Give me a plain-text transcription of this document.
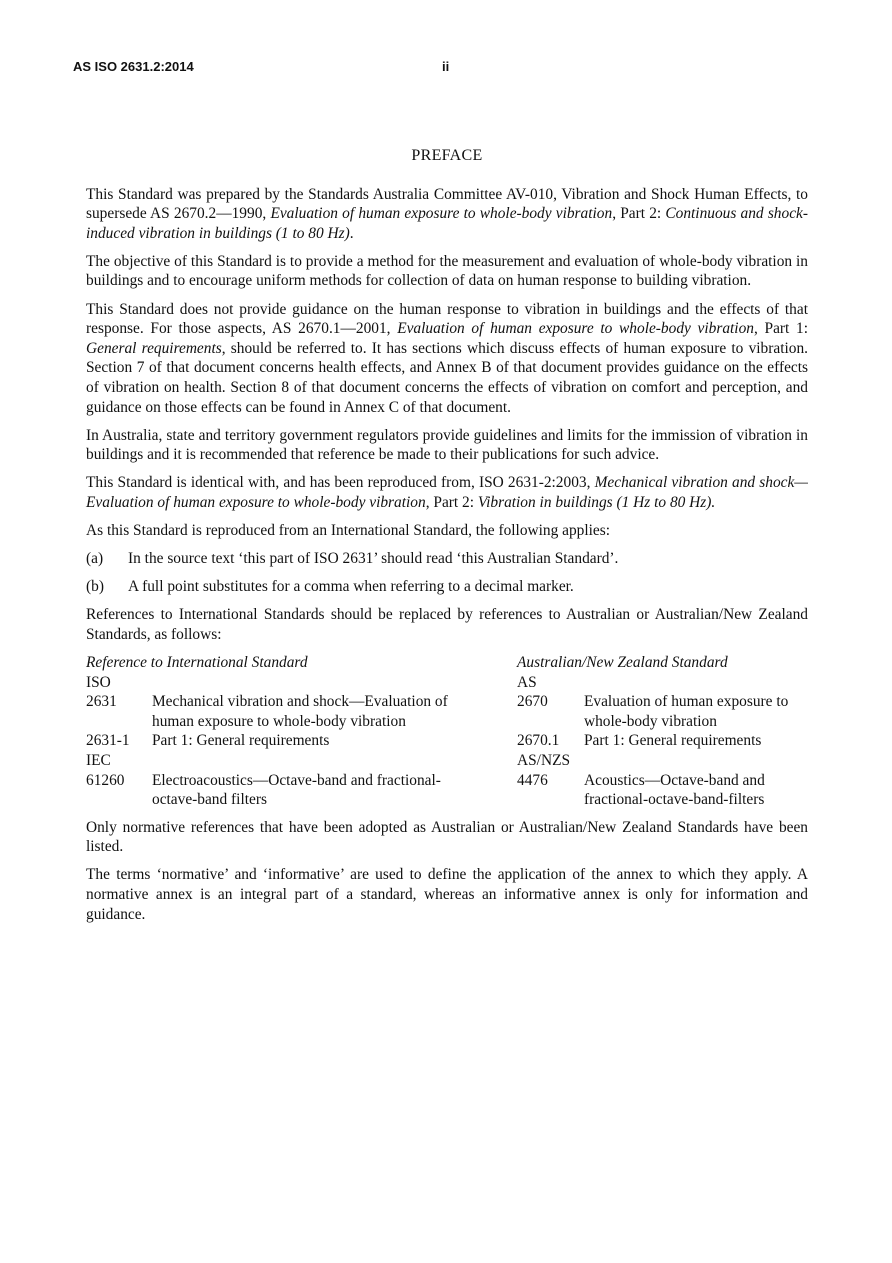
AS ISO 2631.2:2014	ii
PREFACE

This Standard was prepared by the Standards Australia Committee AV-010, Vibration and Shock Human Effects, to supersede AS 2670.2—1990, Evaluation of human exposure to whole-body vibration, Part 2: Continuous and shock-induced vibration in buildings (1 to 80 Hz).

The objective of this Standard is to provide a method for the measurement and evaluation of whole-body vibration in buildings and to encourage uniform methods for collection of data on human response to building vibration.

This Standard does not provide guidance on the human response to vibration in buildings and the effects of that response. For those aspects, AS 2670.1—2001, Evaluation of human exposure to whole-body vibration, Part 1: General requirements, should be referred to. It has sections which discuss effects of human exposure to vibration. Section 7 of that document concerns health effects, and Annex B of that document provides guidance on the effects of vibration on health. Section 8 of that document concerns the effects of vibration on comfort and perception, and guidance on those effects can be found in Annex C of that document.

In Australia, state and territory government regulators provide guidelines and limits for the immission of vibration in buildings and it is recommended that reference be made to their publications for such advice.

This Standard is identical with, and has been reproduced from, ISO 2631-2:2003, Mechanical vibration and shock—Evaluation of human exposure to whole-body vibration, Part 2: Vibration in buildings (1 Hz to 80 Hz).

As this Standard is reproduced from an International Standard, the following applies:

(a)	In the source text ‘this part of ISO 2631’ should read ‘this Australian Standard’.
(b)	A full point substitutes for a comma when referring to a decimal marker.

References to International Standards should be replaced by references to Australian or Australian/New Zealand Standards, as follows:

Reference to International Standard		Australian/New Zealand Standard	
ISO		AS	
2631	Mechanical vibration and shock—Evaluation of human exposure to whole-body vibration	2670	Evaluation of human exposure to whole-body vibration
2631-1	Part 1: General requirements	2670.1	Part 1: General requirements
IEC		AS/NZS	
61260	Electroacoustics—Octave-band and fractional-octave-band filters	4476	Acoustics—Octave-band and fractional-octave-band-filters

Only normative references that have been adopted as Australian or Australian/New Zealand Standards have been listed.

The terms ‘normative’ and ‘informative’ are used to define the application of the annex to which they apply. A normative annex is an integral part of a standard, whereas an informative annex is only for information and guidance.
